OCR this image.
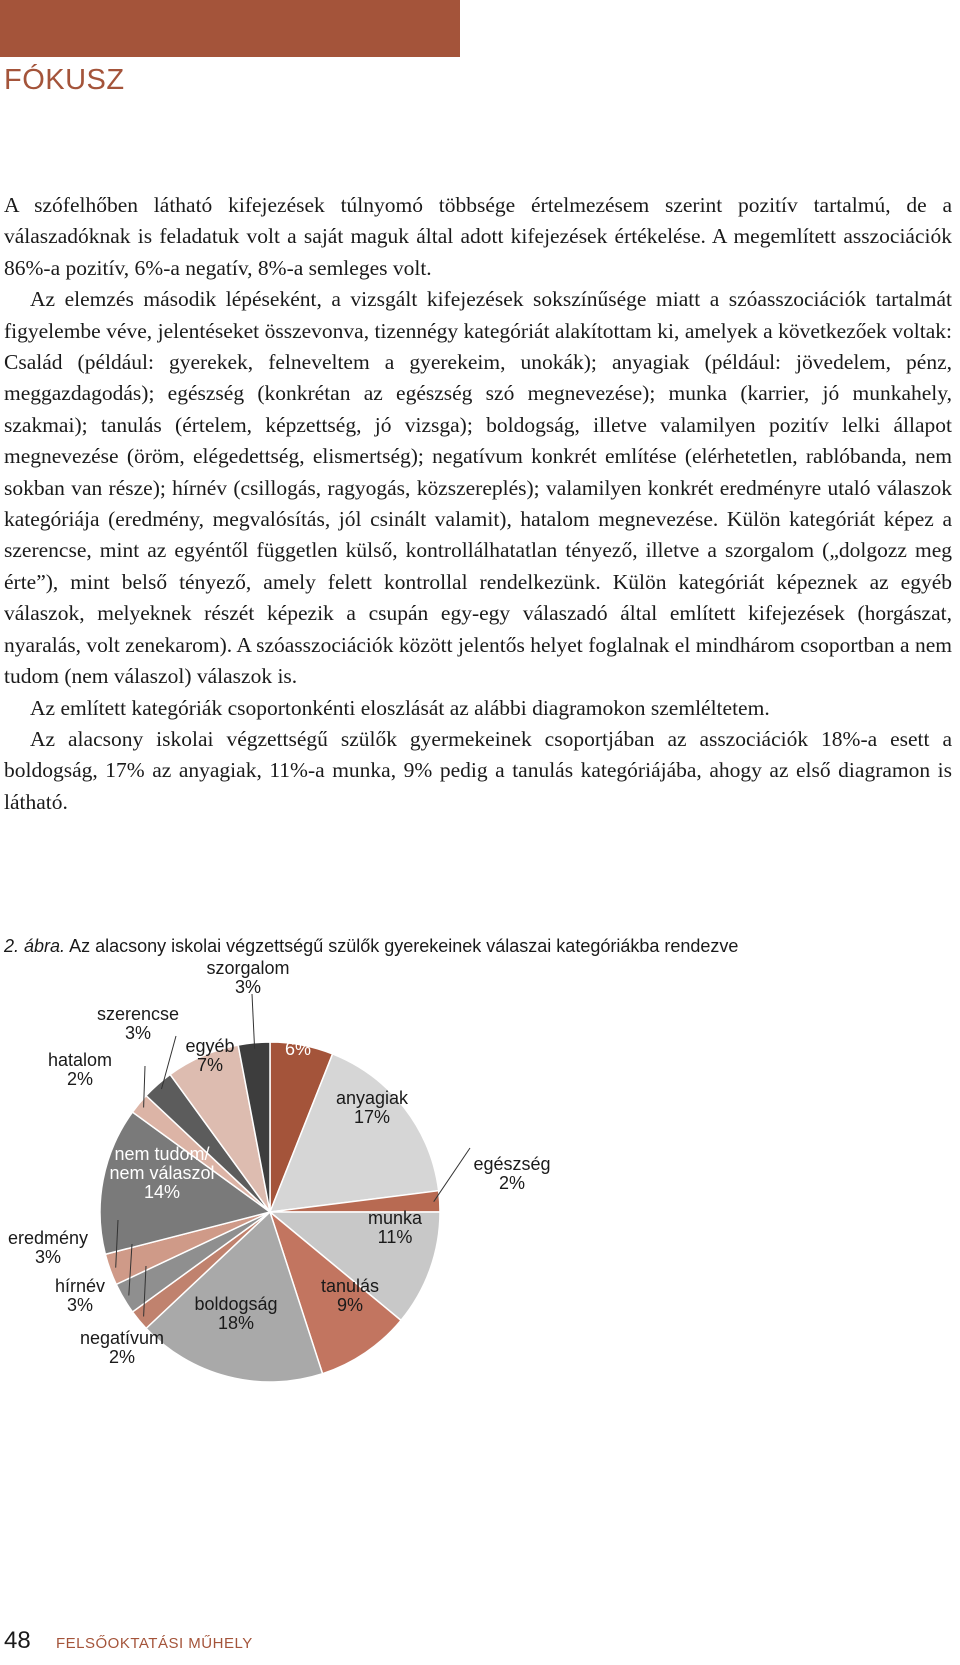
FÓKUSZ

A szófelhőben látható kifejezések túlnyomó többsége értelmezésem szerint pozitív tartalmú, de a válaszadóknak is feladatuk volt a saját maguk által adott kifejezések értékelése. A megemlített asszociációk 86%-a pozitív, 6%-a negatív, 8%-a semleges volt.

Az elemzés második lépéseként, a vizsgált kifejezések sokszínűsége miatt a szóasszociációk tartalmát figyelembe véve, jelentéseket összevonva, tizennégy kategóriát alakítottam ki, amelyek a következőek voltak: Család (például: gyerekek, felneveltem a gyerekeim, unokák); anyagiak (például: jövedelem, pénz, meggazdagodás); egészség (konkrétan az egészség szó megnevezése); munka (karrier, jó munkahely, szakmai); tanulás (értelem, képzettség, jó vizsga); boldogság, illetve valamilyen pozitív lelki állapot megnevezése (öröm, elégedettség, elismertség); negatívum konkrét említése (elérhetetlen, rablóbanda, nem sokban van része); hírnév (csillogás, ragyogás, közszereplés); valamilyen konkrét eredményre utaló válaszok kategóriája (eredmény, megvalósítás, jól csinált valamit), hatalom megnevezése. Külön kategóriát képez a szerencse, mint az egyéntől független külső, kontrollálhatatlan tényező, illetve a szorgalom („dolgozz meg érte”), mint belső tényező, amely felett kontrollal rendelkezünk. Külön kategóriát képeznek az egyéb válaszok, melyeknek részét képezik a csupán egy-egy válaszadó által említett kifejezések (horgászat, nyaralás, volt zenekarom). A szóasszociációk között jelentős helyet foglalnak el mindhárom csoportban a nem tudom (nem válaszol) válaszok is.

Az említett kategóriák csoportonkénti eloszlását az alábbi diagramokon szemléltetem.

Az alacsony iskolai végzettségű szülők gyermekeinek csoportjában az asszociációk 18%-a esett a boldogság, 17% az anyagiak, 11%-a munka, 9% pedig a tanulás kategóriájába, ahogy az első diagramon is látható.

2. ábra. Az alacsony iskolai végzettségű szülők gyerekeinek válaszai kategóriákba rendezve
család 6%
anyagiak 17%
egészség 2%
munka 11%
tanulás 9%
boldogság 18%
negatívum 2%
hírnév 3%
eredmény 3%
nem tudom/ nem válaszol 14%
hatalom 2%
szerencse 3%
egyéb 7%
szorgalom 3%
48 FELSŐOKTATÁSI MŰHELY
